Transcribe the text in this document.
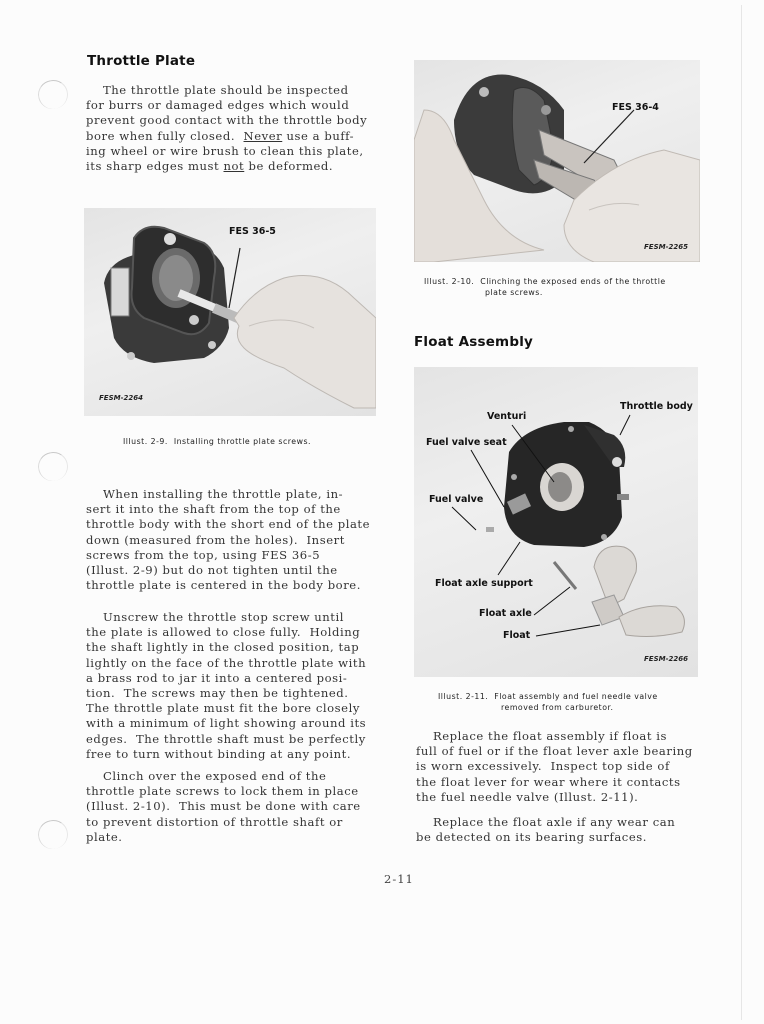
Throttle Plate
The throttle plate should be inspected
for burrs or damaged edges which would
prevent good contact with the throttle body
bore when fully closed.  Never use a buff-
ing wheel or wire brush to clean this plate,
its sharp edges must not be deformed.
FES 36-5
FESM-2264
Illust. 2-9.  Installing throttle plate screws.
When installing the throttle plate, in-
sert it into the shaft from the top of the
throttle body with the short end of the plate
down (measured from the holes).  Insert
screws from the top, using FES 36-5
(Illust. 2-9) but do not tighten until the
throttle plate is centered in the body bore.
Unscrew the throttle stop screw until
the plate is allowed to close fully.  Holding
the shaft lightly in the closed position, tap
lightly on the face of the throttle plate with
a brass rod to jar it into a centered posi-
tion.  The screws may then be tightened.
The throttle plate must fit the bore closely
with a minimum of light showing around its
edges.  The throttle shaft must be perfectly
free to turn without binding at any point.
Clinch over the exposed end of the
throttle plate screws to lock them in place
(Illust. 2-10).  This must be done with care
to prevent distortion of throttle shaft or
plate.
FES 36-4
FESM-2265
Illust. 2-10.  Clinching the exposed ends of the throttle
plate screws.
Float Assembly
Throttle body
Venturi
Fuel valve seat
Fuel valve
Float axle support
Float axle
Float
FESM-2266
Illust. 2-11.  Float assembly and fuel needle valve
removed from carburetor.
Replace the float assembly if float is
full of fuel or if the float lever axle bearing
is worn excessively.  Inspect top side of
the float lever for wear where it contacts
the fuel needle valve (Illust. 2-11).
Replace the float axle if any wear can
be detected on its bearing surfaces.
2-11
